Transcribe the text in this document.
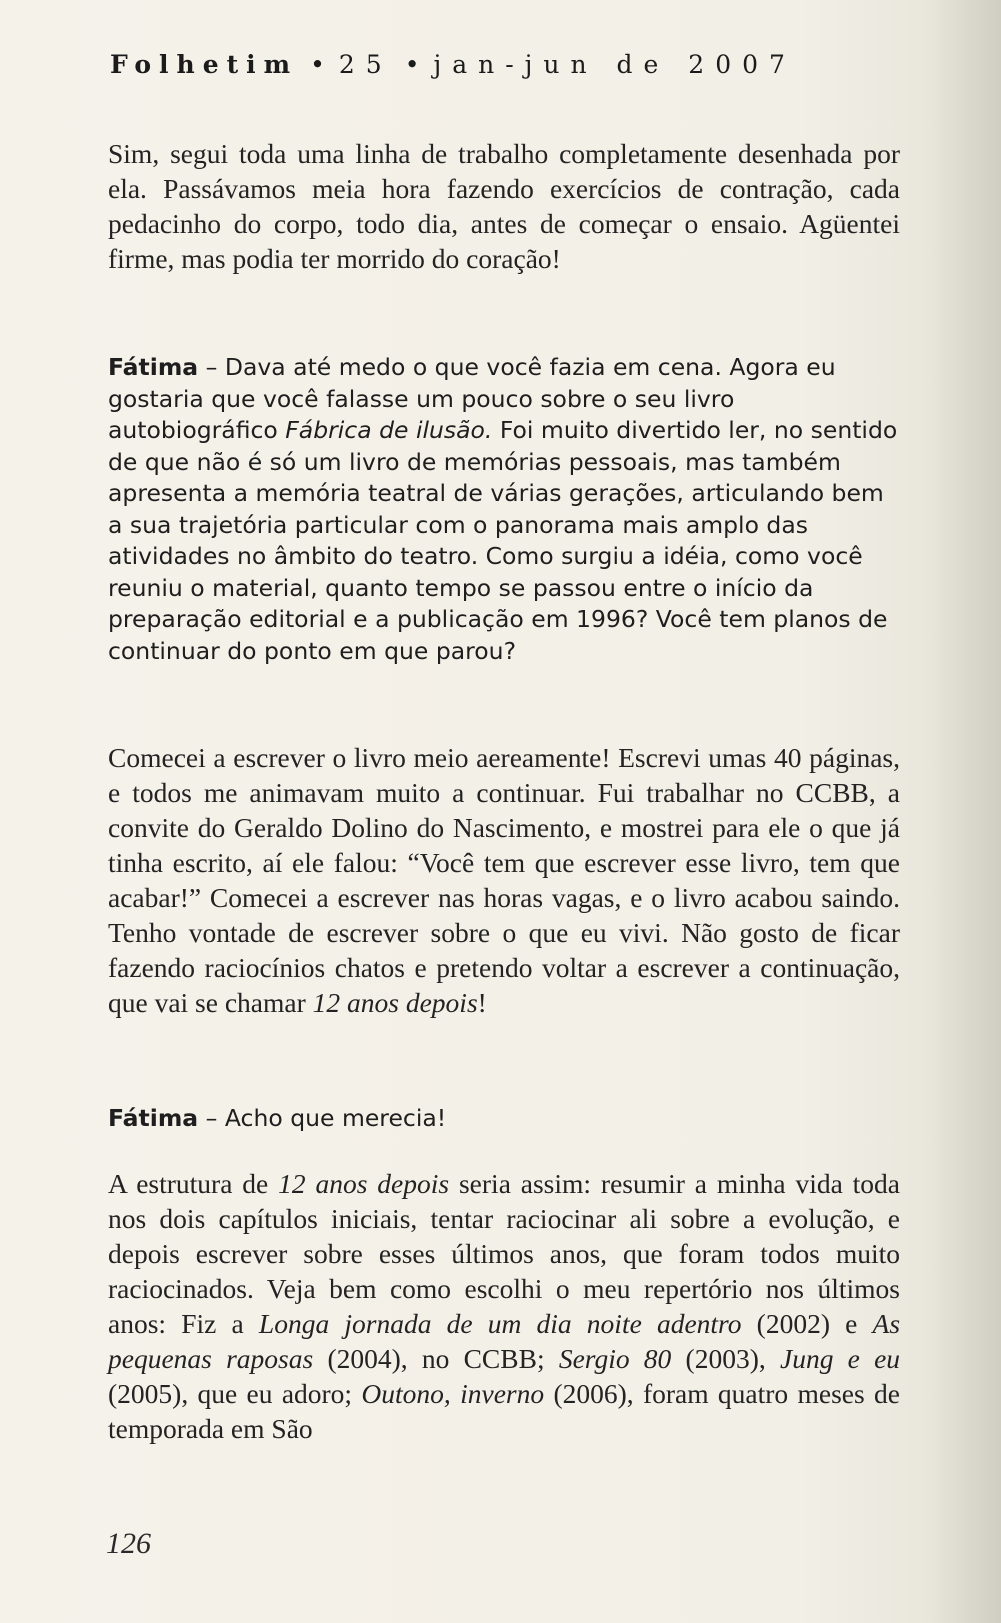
Folhetim • 25 • jan-jun de 2007

Sim, segui toda uma linha de trabalho completamente desenhada por ela. Passávamos meia hora fazendo exercícios de contração, cada pedacinho do corpo, todo dia, antes de começar o ensaio. Agüentei firme, mas podia ter morrido do coração!

Fátima – Dava até medo o que você fazia em cena. Agora eu gostaria que você falasse um pouco sobre o seu livro autobiográfico Fábrica de ilusão. Foi muito divertido ler, no sentido de que não é só um livro de memórias pessoais, mas também apresenta a memória teatral de várias gerações, articulando bem a sua trajetória particular com o panorama mais amplo das atividades no âmbito do teatro. Como surgiu a idéia, como você reuniu o material, quanto tempo se passou entre o início da preparação editorial e a publicação em 1996? Você tem planos de continuar do ponto em que parou?

Comecei a escrever o livro meio aereamente! Escrevi umas 40 páginas, e todos me animavam muito a continuar. Fui trabalhar no CCBB, a convite do Geraldo Dolino do Nascimento, e mostrei para ele o que já tinha escrito, aí ele falou: “Você tem que escrever esse livro, tem que acabar!” Comecei a escrever nas horas vagas, e o livro acabou saindo. Tenho vontade de escrever sobre o que eu vivi. Não gosto de ficar fazendo raciocínios chatos e pretendo voltar a escrever a continuação, que vai se chamar 12 anos depois!

Fátima – Acho que merecia!

A estrutura de 12 anos depois seria assim: resumir a minha vida toda nos dois capítulos iniciais, tentar raciocinar ali sobre a evolução, e depois escrever sobre esses últimos anos, que foram todos muito raciocinados. Veja bem como escolhi o meu repertório nos últimos anos: Fiz a Longa jornada de um dia noite adentro (2002) e As pequenas raposas (2004), no CCBB; Sergio 80 (2003), Jung e eu (2005), que eu adoro; Outono, inverno (2006), foram quatro meses de temporada em São

126
